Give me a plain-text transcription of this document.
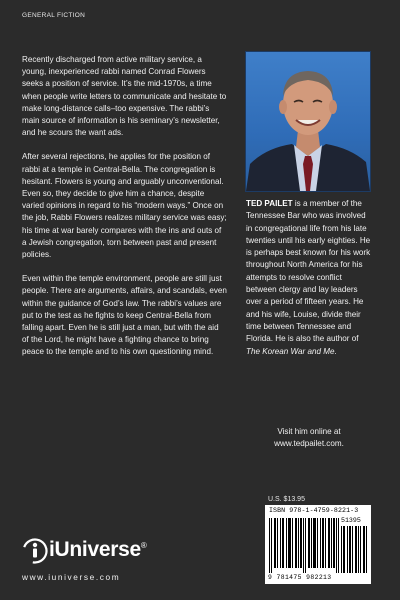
GENERAL FICTION

Recently discharged from active military service, a young, inexperienced rabbi named Conrad Flowers seeks a position of service. It’s the mid-1970s, a time when people write letters to communicate and hesitate to make long-distance calls–too expensive. The rabbi’s main source of information is his seminary’s newsletter, and he scours the want ads.

After several rejections, he applies for the position of rabbi at a temple in Central-Bella. The congregation is hesitant. Flowers is young and arguably unconventional. Even so, they decide to give him a chance, despite varied opinions in regard to his “modern ways.” Once on the job, Rabbi Flowers realizes military service was easy; his time at war barely compares with the ins and outs of a Jewish congregation, torn between past and present policies.

Even within the temple environment, people are still just people. There are arguments, affairs, and scandals, even within the guidance of God’s law. The rabbi’s values are put to the test as he fights to keep Central-Bella from falling apart. Even he is still just a man, but with the aid of the Lord, he might have a fighting chance to bring peace to the temple and to his own questioning mind.

TED PAILET is a member of the Tennessee Bar who was involved in congregational life from his late twenties until his early eighties. He is perhaps best known for his work throughout North America for his attempts to resolve conflict between clergy and lay leaders over a period of fifteen years. He and his wife, Louise, divide their time between Tennessee and Florida. He is also the author of The Korean War and Me.
Visit him online at
www.tedpailet.com.
U.S. $13.95
ISBN 978-1-4759-8221-3
51395
9 781475 982213
iUniverse®
www.iuniverse.com
